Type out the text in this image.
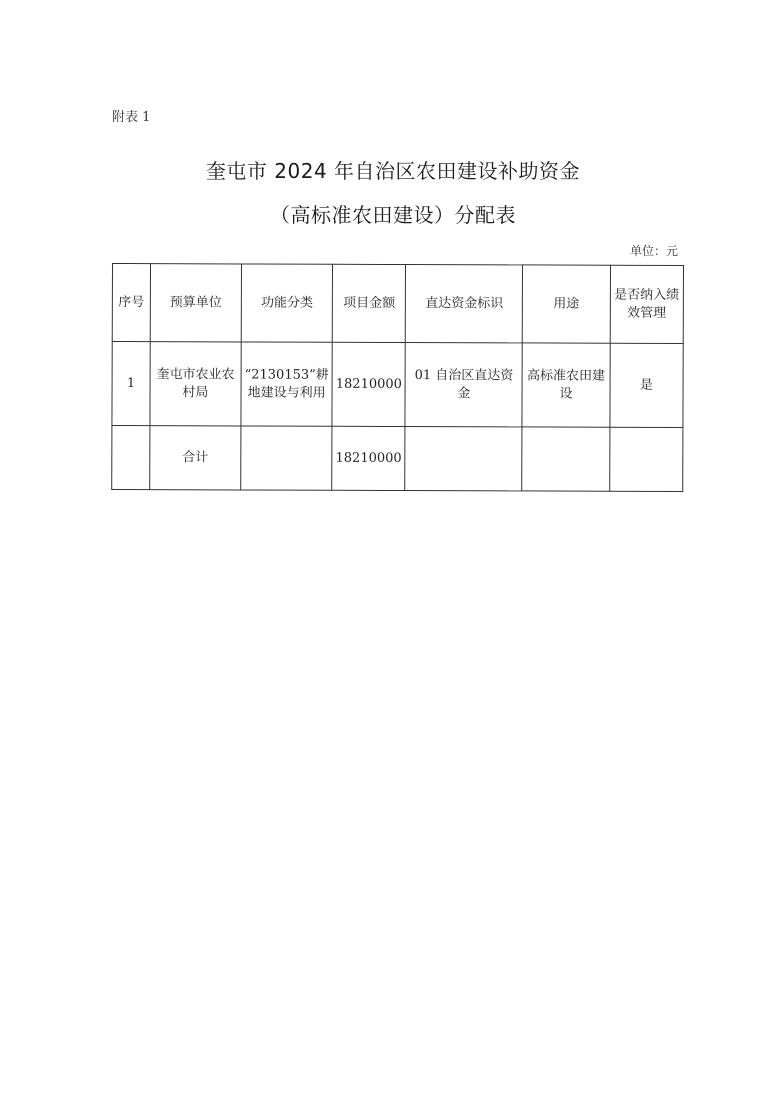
附表 1
奎屯市 2024 年自治区农田建设补助资金
（高标准农田建设）分配表
单位：元
序号	预算单位	功能分类	项目金额	直达资金标识	用途	是否纳入绩效管理
1	奎屯市农业农村局	“2130153”耕地建设与利用	18210000	01 自治区直达资金	高标准农田建设	是
	合计		18210000			
